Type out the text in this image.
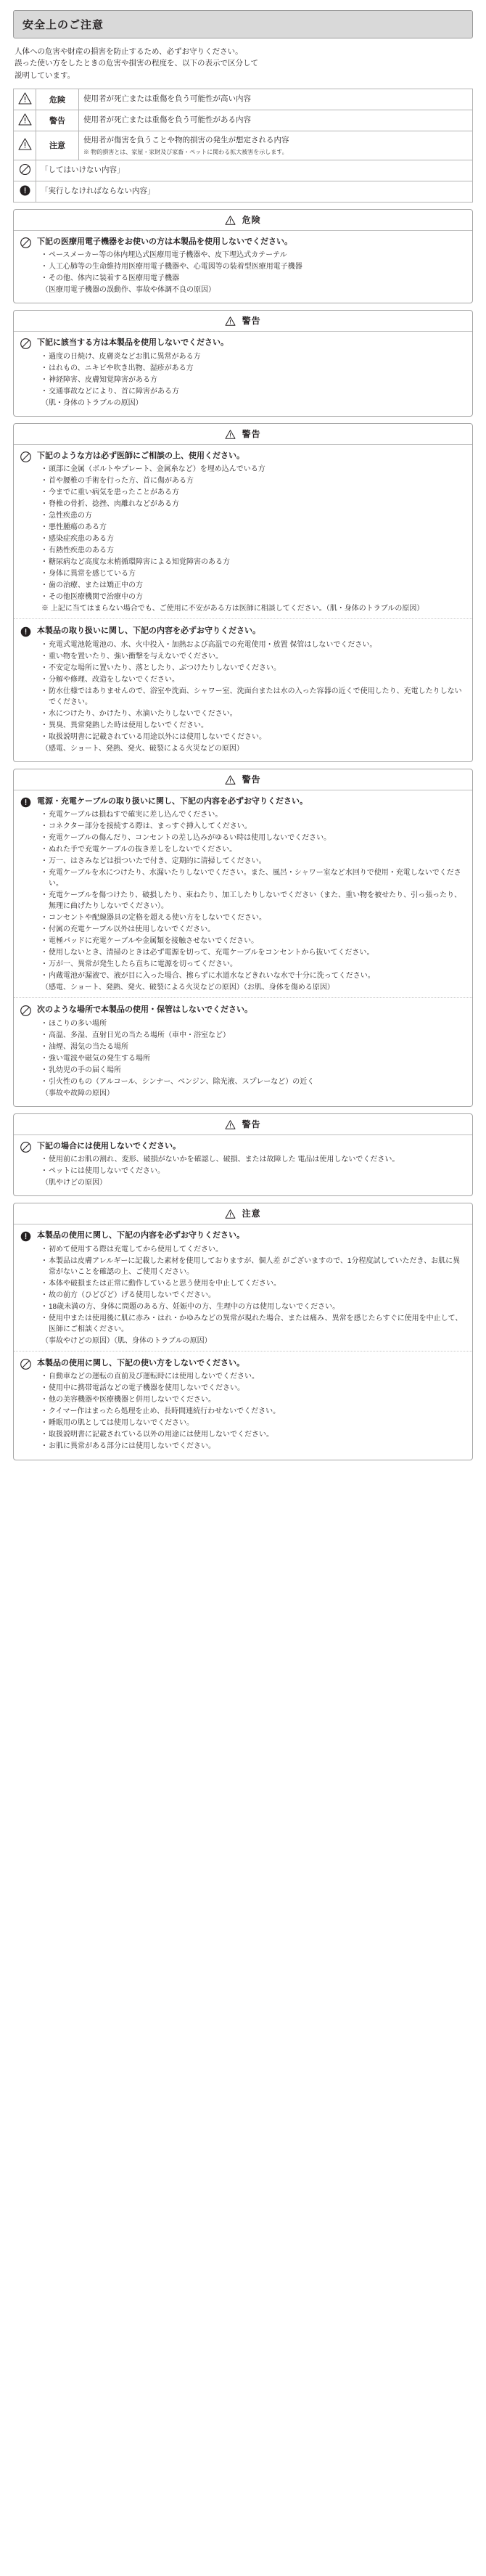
安全上のご注意
人体への危害や財産の損害を防止するため、必ずお守りください。
誤った使い方をしたときの危害や損害の程度を、以下の表示で区分して
説明しています。
	危険	使用者が死亡または重傷を負う可能性が高い内容

	警告	使用者が死亡または重傷を負う可能性がある内容

	注意	使用者が傷害を負うことや物的損害の発生が想定される内容
※ 物的損害とは、家屋・家財及び家畜・ペットに関わる拡大被害を示します。

	「してはいけない内容」	

	「実行しなければならない内容」	
危険
下記の医療用電子機器をお使いの方は本製品を使用しないでください。
・ ペースメーカー等の体内埋込式医療用電子機器や、皮下埋込式カテーテル
・ 人工心肺等の生命維持用医療用電子機器や、心電図等の装着型医療用電子機器
・ その他、体内に装着する医療用電子機器
（医療用電子機器の誤動作、事故や体調不良の原因）
警告
下記に該当する方は本製品を使用しないでください。
・ 過度の日焼け、皮膚炎などお肌に異常がある方
・ はれもの、ニキビや吹き出物、湿疹がある方
・ 神経障害、皮膚知覚障害がある方
・ 交通事故などにより、首に障害がある方
（肌・身体のトラブルの原因）
警告
下記のような方は必ず医師にご相談の上、使用ください。
・ 頭部に金属（ボルトやプレート、金属糸など）を埋め込んでいる方
・ 首や腰椎の手術を行った方、首に傷がある方
・ 今までに重い病気を患ったことがある方
・ 脊椎の骨折、捻挫、肉離れなどがある方
・ 急性疾患の方
・ 悪性腫瘍のある方
・ 感染症疾患のある方
・ 有熱性疾患のある方
・ 糖尿病など高度な末梢循環障害による知覚障害のある方
・ 身体に異常を感じている方
・ 歯の治療、または矯正中の方
・ その他医療機関で治療中の方
※ 上記に当てはまらない場合でも、ご使用に不安がある方は医師に相談してください。（肌・身体のトラブルの原因）
本製品の取り扱いに関し、下記の内容を必ずお守りください。
・ 充電式電池乾電池の、水、火中投入・加熱および高温での充電使用・放置 保管はしないでください。
・ 重い物を置いたり、強い衝撃を与えないでください。
・ 不安定な場所に置いたり、落としたり、ぶつけたりしないでください。
・ 分解や修理、改造をしないでください。
・ 防水仕様ではありませんので、浴室や洗面、シャワー室、洗面台または水の入った容器の近くで使用したり、充電したりしないでください。
・ 水につけたり、かけたり、水滴いたりしないでください。
・ 異臭、異常発熱した時は使用しないでください。
・ 取扱説明書に記載されている用途以外には使用しないでください。
（感電、ショート、発熱、発火、破裂による火災などの原因）
警告
電源・充電ケーブルの取り扱いに関し、下記の内容を必ずお守りください。
・ 充電ケーブルは損ねすで確実に差し込んでください。
・ コネクター部分を接続する際は、まっすぐ挿入してください。
・ 充電ケーブルの傷んだり、コンセントの差し込みがゆるい時は使用しないでください。
・ ぬれた手で充電ケーブルの抜き差しをしないでください。
・ 万一、はさみなどは損ついたで付き、定期的に清掃してください。
・ 充電ケーブルを水につけたり、水漏いたりしないでください。また、風呂・シャワー室など水回りで使用・充電しないでください。
・ 充電ケーブルを傷つけたり、破損したり、束ねたり、加工したりしないでください（また、重い物を被せたり、引っ張ったり、無理に曲げたりしないでください）。
・ コンセントや配線器具の定格を超える使い方をしないでください。
・ 付属の充電ケーブル以外は使用しないでください。
・ 電極パッドに充電ケーブルや金属類を接触させないでください。
・ 使用しないとき、清掃のときは必ず電源を切って、充電ケーブルをコンセントから抜いてください。
・ 万が一、異常が発生したら直ちに電源を切ってください。
・ 内蔵電池が漏液で、液が目に入った場合、擦らずに水道水などきれいな水で十分に洗ってください。
（感電、ショート、発熱、発火、破裂による火災などの原因）（お肌、身体を傷める原因）
次のような場所で本製品の使用・保管はしないでください。
・ ほこりの多い場所
・ 高温、多湿、直射日光の当たる場所（車中・浴室など）
・ 油煙、湯気の当たる場所
・ 強い電波や磁気の発生する場所
・ 乳幼児の手の届く場所
・ 引火性のもの（アルコール、シンナー、ベンジン、除光液、スプレーなど）の近く
（事故や故障の原因）
警告
下記の場合には使用しないでください。
・ 使用前にお肌の割れ、変形、破損がないかを確認し、破損、または故障した 電品は使用しないでください。
・ ペットには使用しないでください。
（肌やけどの原因）
注意
本製品の使用に関し、下記の内容を必ずお守りください。
・ 初めて使用する際は充電してから使用してください。
・ 本製品は皮膚アレルギーに記載した素材を使用しておりますが、個人差 がございますので、1分程度試していただき、お肌に異常がないことを確認の上、ご使用ください。
・ 本体や破損または正常に動作していると思う使用を中止してください。
・ 故の前方（ひどびど）げる使用しないでください。
・ 18歳未満の方、身体に問題のある方、妊娠中の方、生理中の方は使用しないでください。
・ 使用中または使用後に肌に赤み・はれ・かゆみなどの異常が現れた場合、または痛み、異常を感じたらすぐに使用を中止して、医師にご相談ください。
（事故やけどの原因）（肌、身体のトラブルの原因）
本製品の使用に関し、下記の使い方をしないでください。
・ 自動車などの運転の直前及び運転時には使用しないでください。
・ 使用中に携帯電話などの電子機器を使用しないでください。
・ 他の美容機器や医療機器と併用しないでください。
・ クイマー作はまったら処理を止め、長時間連続行わせないでください。
・ 睡眠用の肌としては使用しないでください。
・ 取扱説明書に記載されている以外の用途には使用しないでください。
・ お肌に異常がある部分には使用しないでください。
